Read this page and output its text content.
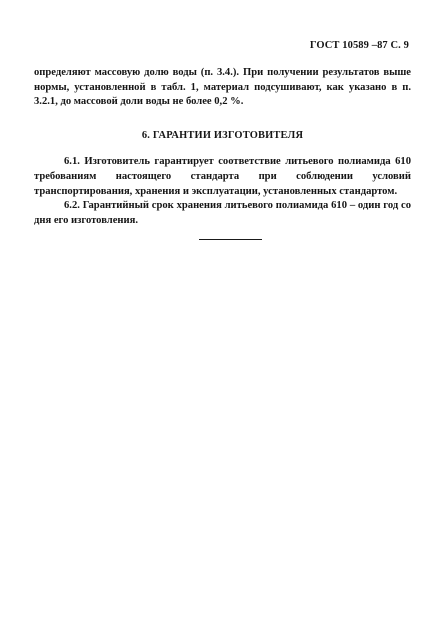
ГОСТ 10589 –87 С. 9

определяют массовую долю воды (п. 3.4.). При получении результатов выше нормы, установленной в табл. 1, материал подсушивают, как указано в п. 3.2.1, до массовой доли воды не более 0,2 %.

6. ГАРАНТИИ ИЗГОТОВИТЕЛЯ

6.1. Изготовитель гарантирует соответствие литьевого полиамида 610 требованиям настоящего стандарта при соблюдении условий транспортирования, хранения и эксплуатации, установленных стандартом.

6.2. Гарантийный срок хранения литьевого полиамида 610 – один год со дня его изготовления.
